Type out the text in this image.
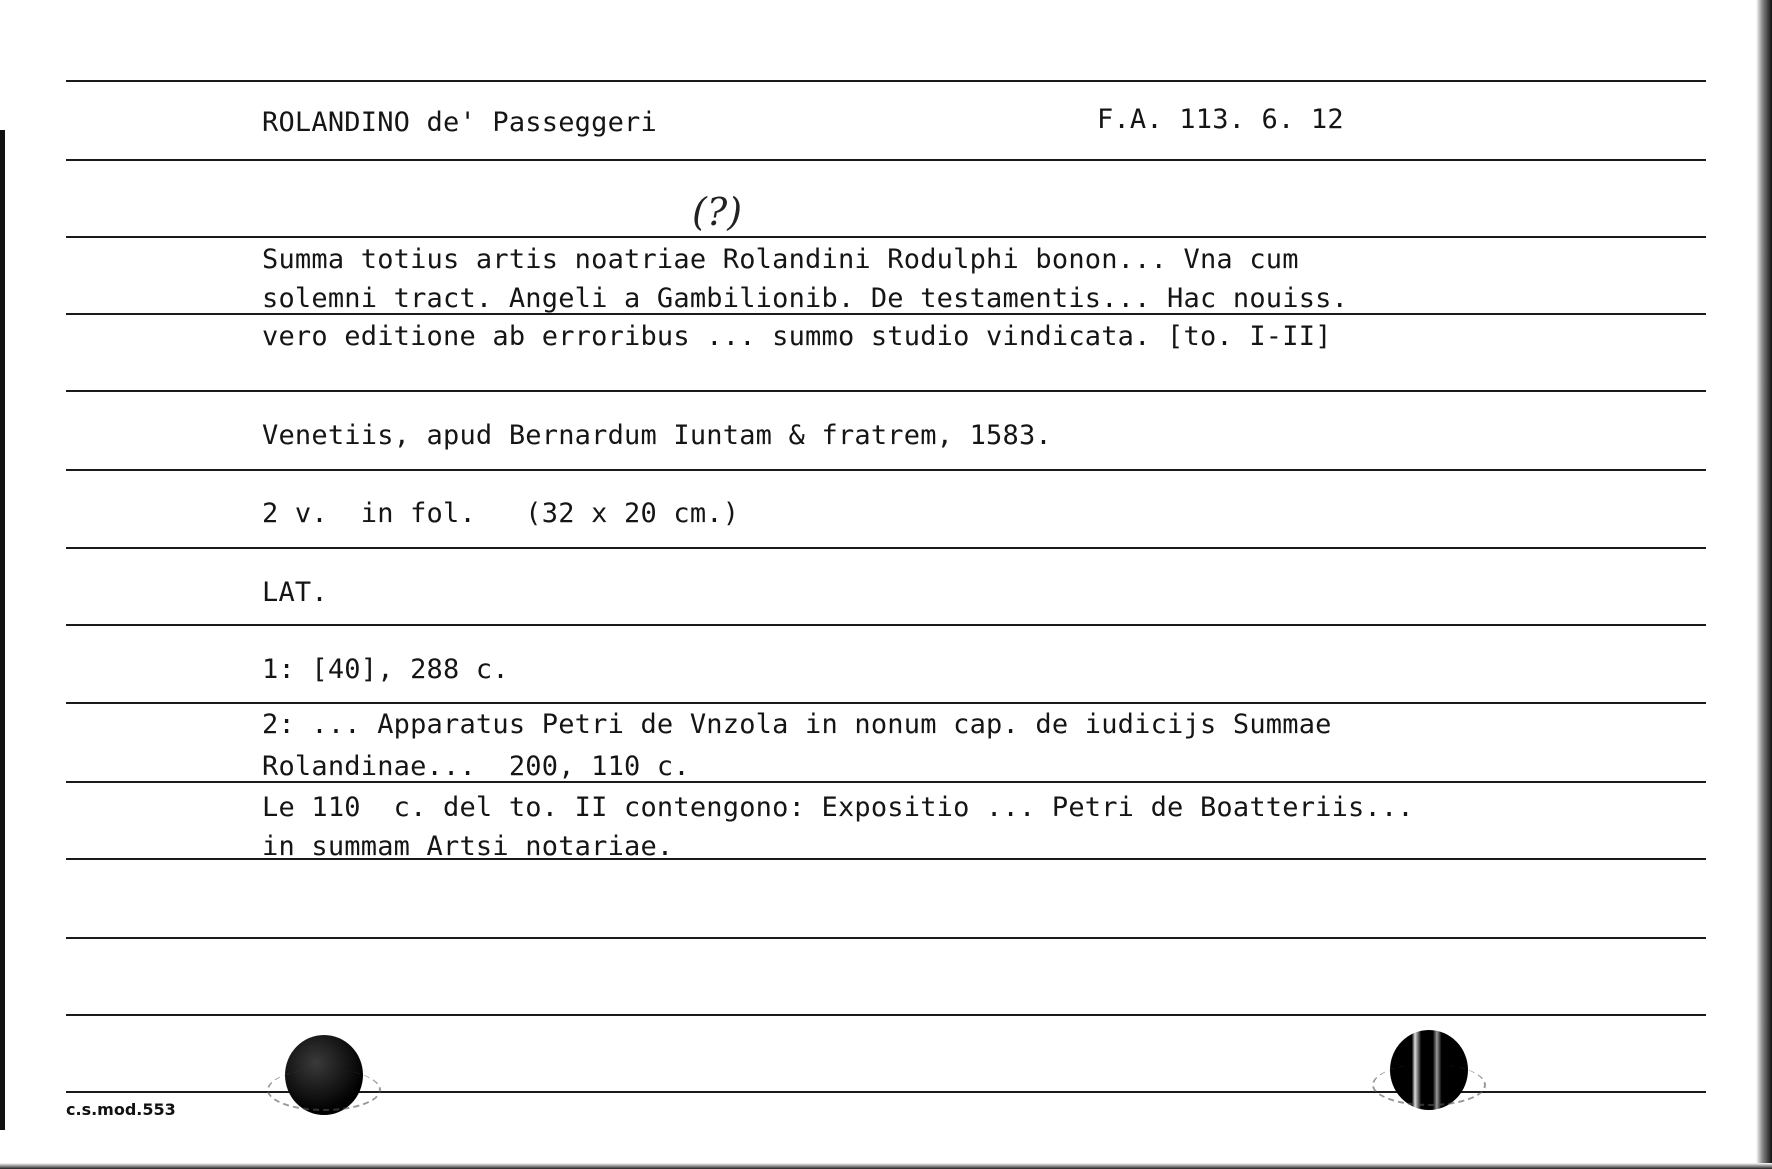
ROLANDINO de' Passeggeri	F.A. 113. 6. 12
(?)
Summa totius artis noatriae Rolandini Rodulphi bonon... Vna cum
solemni tract. Angeli a Gambilionib. De testamentis... Hac nouiss.
vero editione ab erroribus ... summo studio vindicata. [to. I-II]
Venetiis, apud Bernardum Iuntam & fratrem, 1583.
2 v.  in fol.   (32 x 20 cm.)
LAT.
1: [40], 288 c.
2: ... Apparatus Petri de Vnzola in nonum cap. de iudicijs Summae
Rolandinae...  200, 110 c.
Le 110  c. del to. II contengono: Expositio ... Petri de Boatteriis...
in summam Artsi notariae.
c.s.mod.553
